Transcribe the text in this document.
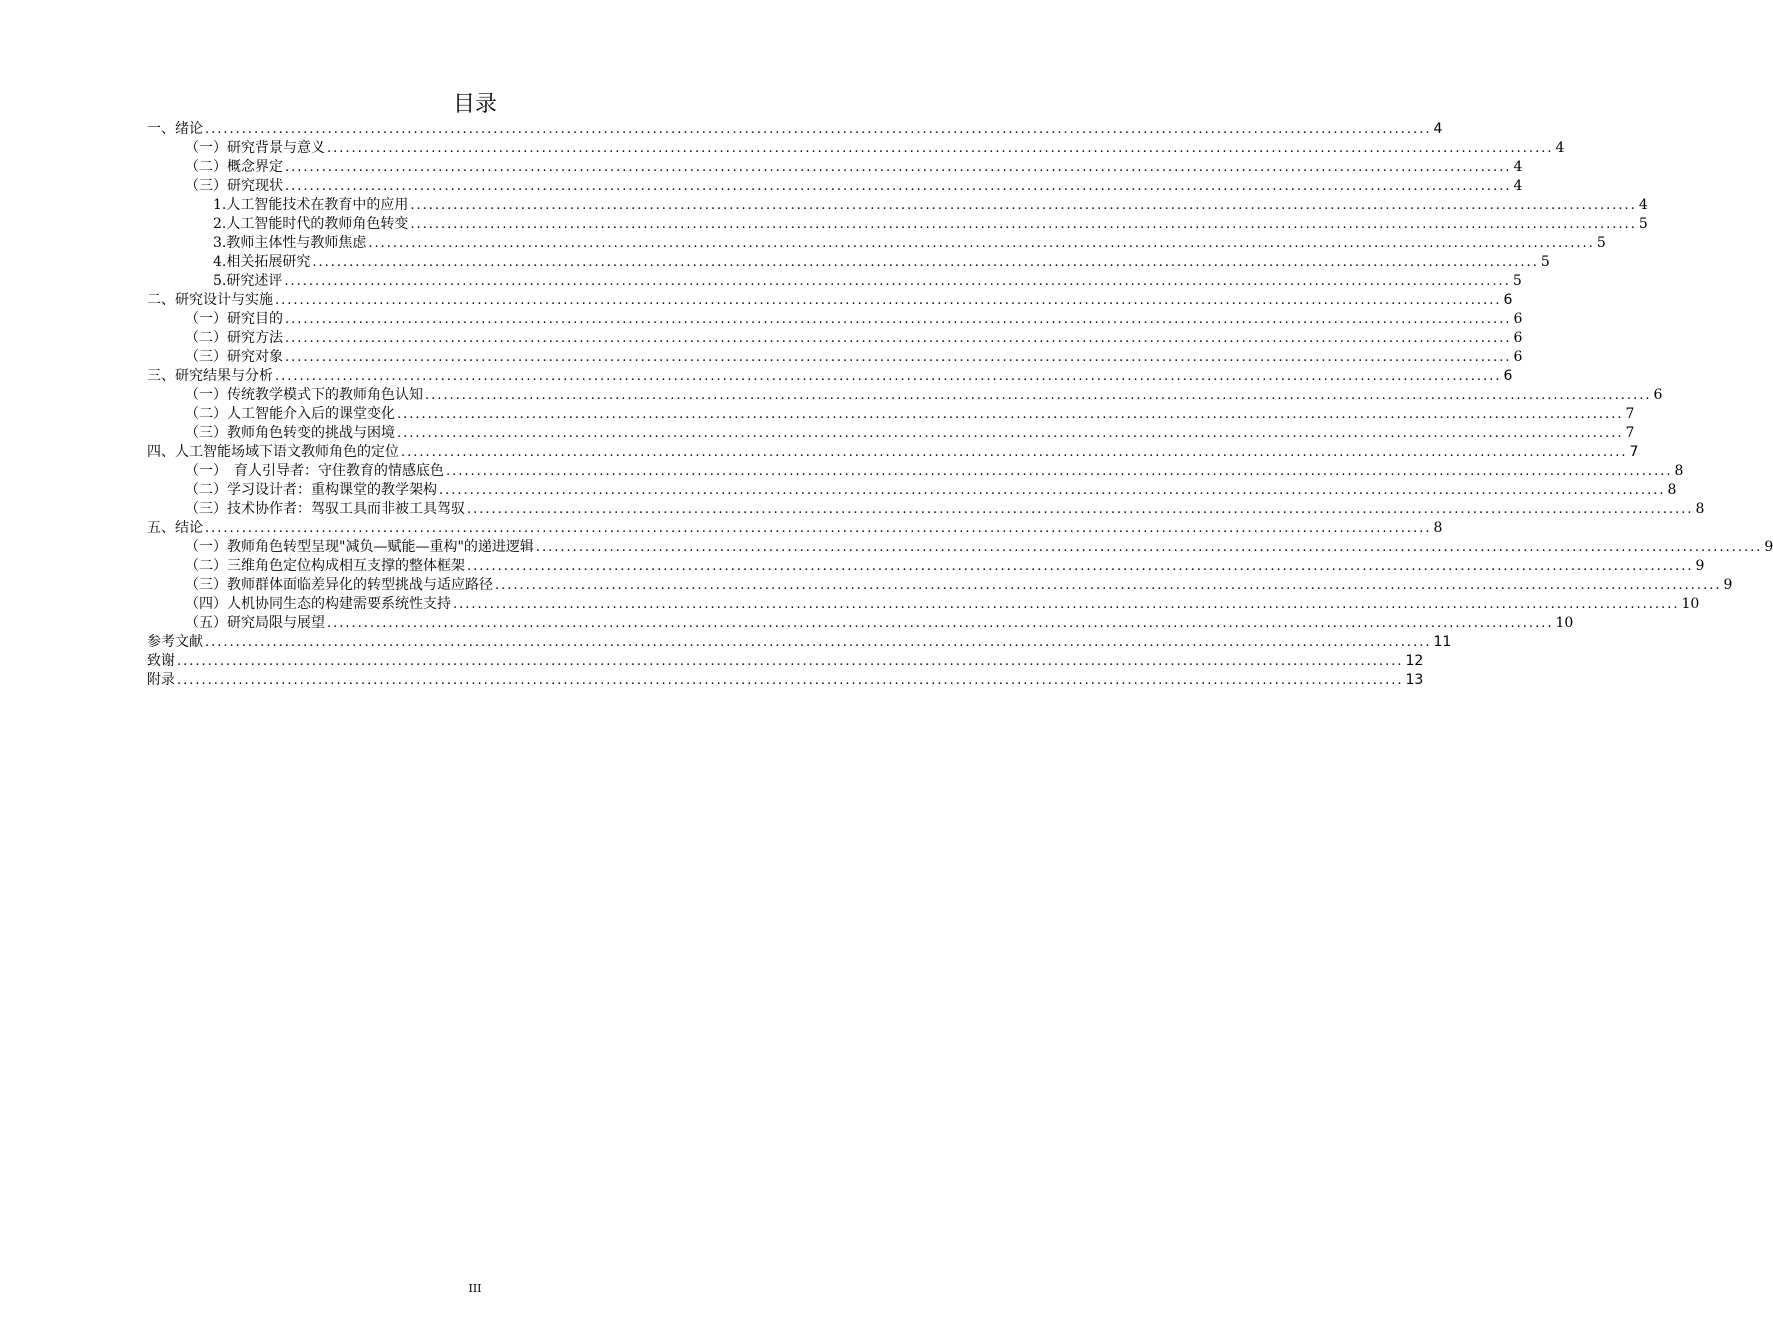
目录
一、绪论 ........................................................................................................................................................................................................ 4
（一）研究背景与意义 ........................................................................................................................................................................................................ 4
（二）概念界定 ........................................................................................................................................................................................................ 4
（三）研究现状 ........................................................................................................................................................................................................ 4
1.人工智能技术在教育中的应用 ........................................................................................................................................................................................................ 4
2.人工智能时代的教师角色转变 ........................................................................................................................................................................................................ 5
3.教师主体性与教师焦虑 ........................................................................................................................................................................................................ 5
4.相关拓展研究 ........................................................................................................................................................................................................ 5
5.研究述评 ........................................................................................................................................................................................................ 5
二、研究设计与实施 ........................................................................................................................................................................................................ 6
（一）研究目的 ........................................................................................................................................................................................................ 6
（二）研究方法 ........................................................................................................................................................................................................ 6
（三）研究对象 ........................................................................................................................................................................................................ 6
三、研究结果与分析 ........................................................................................................................................................................................................ 6
（一）传统教学模式下的教师角色认知 ........................................................................................................................................................................................................ 6
（二）人工智能介入后的课堂变化 ........................................................................................................................................................................................................ 7
（三）教师角色转变的挑战与困境 ........................................................................................................................................................................................................ 7
四、人工智能场域下语文教师角色的定位 ........................................................................................................................................................................................................ 7
（一）　育人引导者：守住教育的情感底色 ........................................................................................................................................................................................................ 8
（二）学习设计者：重构课堂的教学架构 ........................................................................................................................................................................................................ 8
（三）技术协作者：驾驭工具而非被工具驾驭 ........................................................................................................................................................................................................ 8
五、结论 ........................................................................................................................................................................................................ 8
（一）教师角色转型呈现"减负—赋能—重构"的递进逻辑 ........................................................................................................................................................................................................ 9
（二）三维角色定位构成相互支撑的整体框架 ........................................................................................................................................................................................................ 9
（三）教师群体面临差异化的转型挑战与适应路径 ........................................................................................................................................................................................................ 9
（四）人机协同生态的构建需要系统性支持 ........................................................................................................................................................................................................ 10
（五）研究局限与展望 ........................................................................................................................................................................................................ 10
参考文献 ........................................................................................................................................................................................................ 11
致谢 ........................................................................................................................................................................................................ 12
附录 ........................................................................................................................................................................................................ 13
III
